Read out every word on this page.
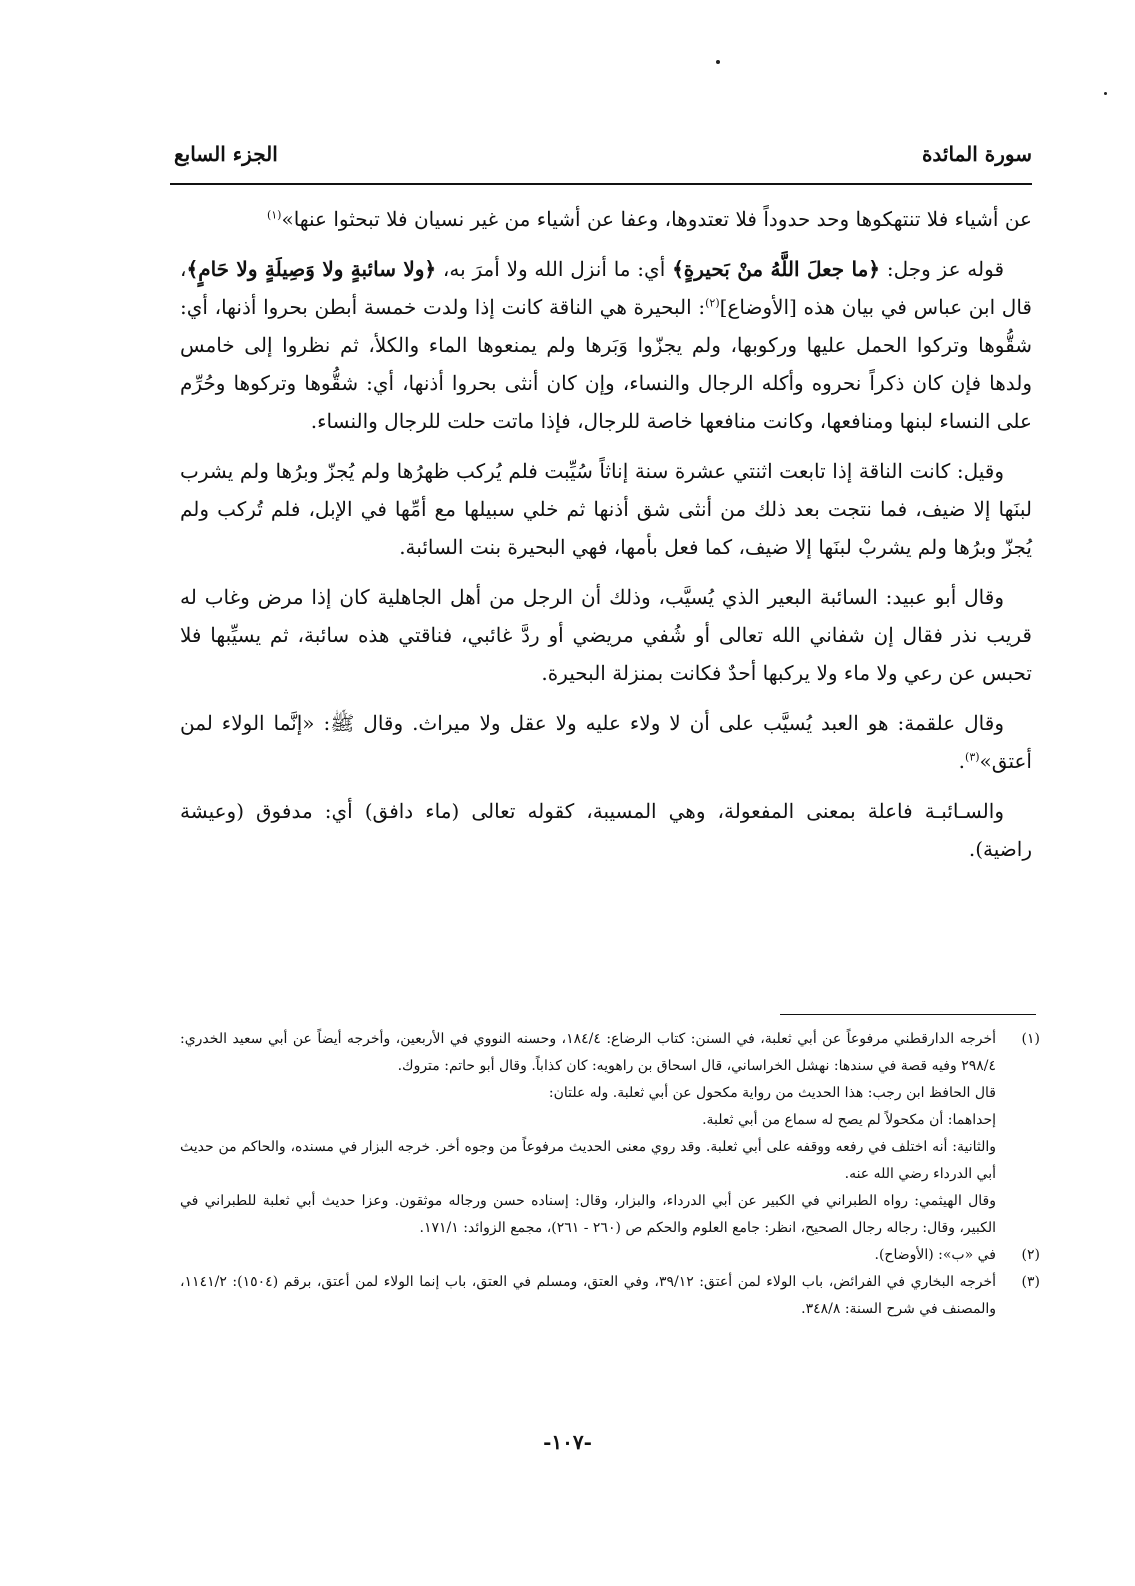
سورة المائدة
الجزء السابع

عن أشياء فلا تنتهكوها وحد حدوداً فلا تعتدوها، وعفا عن أشياء من غير نسيان فلا تبحثوا عنها»$^{(١)}$

قوله عز وجل: ﴿ما جعلَ اللَّهُ منْ بَحيرةٍ﴾ أي: ما أنزل الله ولا أمرَ به، ﴿ولا سائبةٍ ولا وَصِيلَةٍ ولا حَامٍ﴾، قال ابن عباس في بيان هذه [الأوضاع]$^{(٢)}$: البحيرة هي الناقة كانت إذا ولدت خمسة أبطن بحروا أذنها، أي: شقُّوها وتركوا الحمل عليها وركوبها، ولم يجزّوا وَبَرها ولم يمنعوها الماء والكلأ، ثم نظروا إلى خامس ولدها فإن كان ذكراً نحروه وأكله الرجال والنساء، وإن كان أنثى بحروا أذنها، أي: شقُّوها وتركوها وحُرِّم على النساء لبنها ومنافعها، وكانت منافعها خاصة للرجال، فإذا ماتت حلت للرجال والنساء.

وقيل: كانت الناقة إذا تابعت اثنتي عشرة سنة إناثاً سُيِّبت فلم يُركب ظهرُها ولم يُجزّ وبرُها ولم يشرب لبنَها إلا ضيف، فما نتجت بعد ذلك من أنثى شق أذنها ثم خلي سبيلها مع أمِّها في الإبل، فلم تُركب ولم يُجزّ وبرُها ولم يشربْ لبنَها إلا ضيف، كما فعل بأمها، فهي البحيرة بنت السائبة.

وقال أبو عبيد: السائبة البعير الذي يُسيَّب، وذلك أن الرجل من أهل الجاهلية كان إذا مرض وغاب له قريب نذر فقال إن شفاني الله تعالى أو شُفي مريضي أو ردَّ غائبي، فناقتي هذه سائبة، ثم يسيِّبها فلا تحبس عن رعي ولا ماء ولا يركبها أحدٌ فكانت بمنزلة البحيرة.

وقال علقمة: هو العبد يُسيَّب على أن لا ولاء عليه ولا عقل ولا ميراث. وقال ﷺ: «إنَّما الولاء لمن أعتق»$^{(٣)}$.

والسـائبـة فاعلة بمعنى المفعولة، وهي المسيبة، كقوله تعالى (ماء دافق) أي: مدفوق (وعيشة راضية).

(١)
أخرجه الدارقطني مرفوعاً عن أبي ثعلبة، في السنن: كتاب الرضاع: ١٨٤/٤، وحسنه النووي في الأربعين، وأخرجه أيضاً عن أبي سعيد الخدري: ٢٩٨/٤ وفيه قصة في سندها: نهشل الخراساني، قال اسحاق بن راهويه: كان كذاباً. وقال أبو حاتم: متروك.
قال الحافظ ابن رجب: هذا الحديث من رواية مكحول عن أبي ثعلبة. وله علتان:
إحداهما: أن مكحولاً لم يصح له سماع من أبي ثعلبة.
والثانية: أنه اختلف في رفعه ووقفه على أبي ثعلبة. وقد روي معنى الحديث مرفوعاً من وجوه أخر. خرجه البزار في مسنده، والحاكم من حديث أبي الدرداء رضي الله عنه.
وقال الهيثمي: رواه الطبراني في الكبير عن أبي الدرداء، والبزار، وقال: إسناده حسن ورجاله موثقون. وعزا حديث أبي ثعلبة للطبراني في الكبير، وقال: رجاله رجال الصحيح، انظر: جامع العلوم والحكم ص (٢٦٠ - ٢٦١)، مجمع الزوائد: ١٧١/١.
(٢)
في «ب»: (الأوضاح).
(٣)
أخرجه البخاري في الفرائض، باب الولاء لمن أعتق: ٣٩/١٢، وفي العتق، ومسلم في العتق، باب إنما الولاء لمن أعتق، برقم (١٥٠٤): ١١٤١/٢، والمصنف في شرح السنة: ٣٤٨/٨.
-١٠٧-
